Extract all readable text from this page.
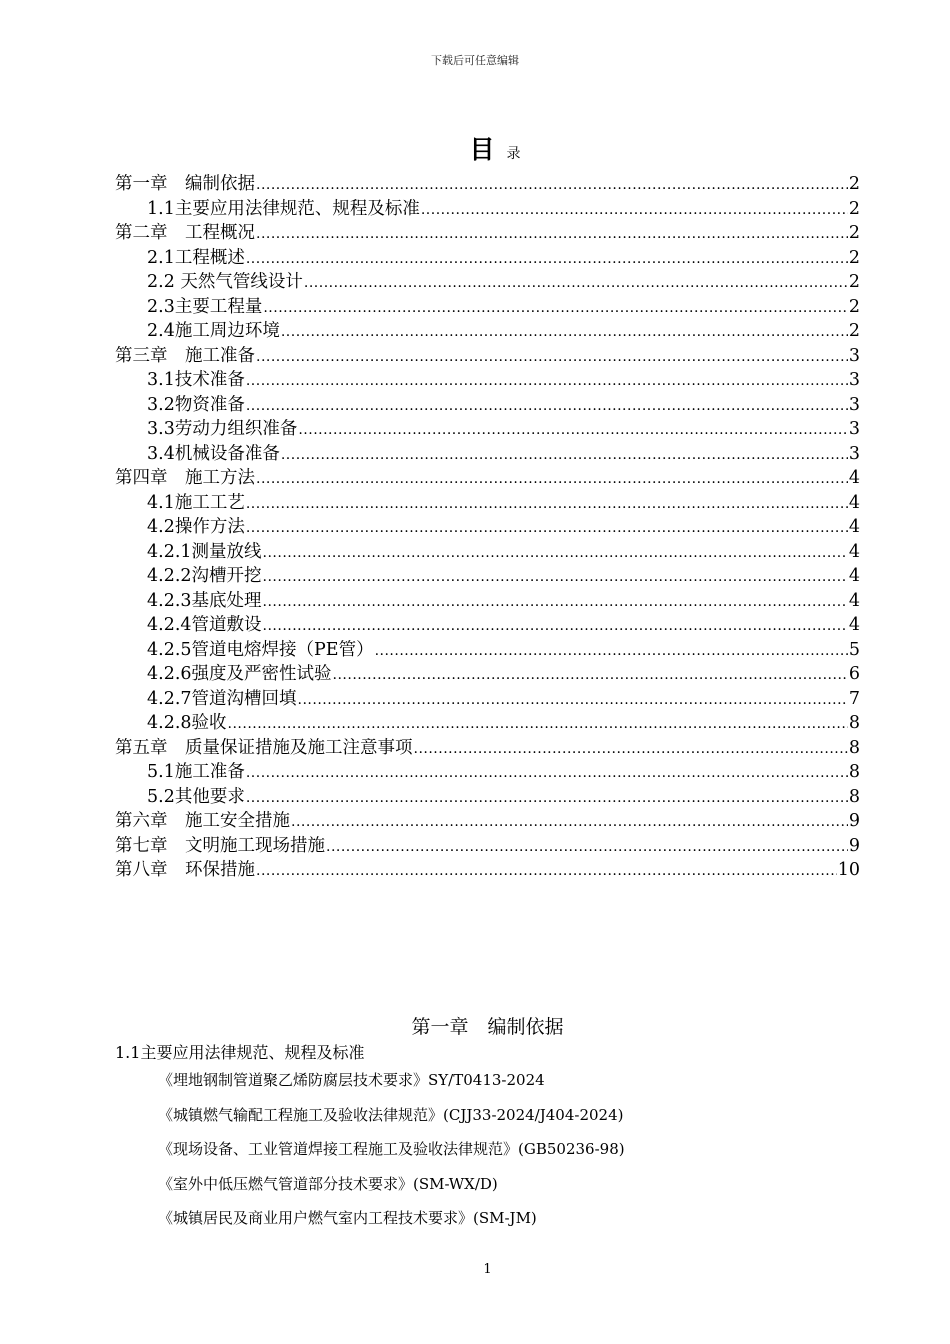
下载后可任意编辑
目录
第一章　编制依据 .....	2
1.1主要应用法律规范、规程及标准 .....	2
第二章　工程概况 .....	2
2.1工程概述 .....	2
2.2 天然气管线设计 .....	2
2.3主要工程量 .....	2
2.4施工周边环境 .....	2
第三章　施工准备 .....	3
3.1技术准备 .....	3
3.2物资准备 .....	3
3.3劳动力组织准备 .....	3
3.4机械设备准备 .....	3
第四章　施工方法 .....	4
4.1施工工艺 .....	4
4.2操作方法 .....	4
4.2.1测量放线 .....	4
4.2.2沟槽开挖 .....	4
4.2.3基底处理 .....	4
4.2.4管道敷设 .....	4
4.2.5管道电熔焊接（PE管） .....	5
4.2.6强度及严密性试验 .....	6
4.2.7管道沟槽回填 .....	7
4.2.8验收 .....	8
第五章　质量保证措施及施工注意事项 .....	8
5.1施工准备 .....	8
5.2其他要求 .....	8
第六章　施工安全措施 .....	9
第七章　文明施工现场措施 .....	9
第八章　环保措施 .....	10
第一章　编制依据
1.1主要应用法律规范、规程及标准
《埋地钢制管道聚乙烯防腐层技术要求》SY/T0413-2024
《城镇燃气输配工程施工及验收法律规范》(CJJ33-2024/J404-2024)
《现场设备、工业管道焊接工程施工及验收法律规范》(GB50236-98)
《室外中低压燃气管道部分技术要求》(SM-WX/D)
《城镇居民及商业用户燃气室内工程技术要求》(SM-JM)
1
